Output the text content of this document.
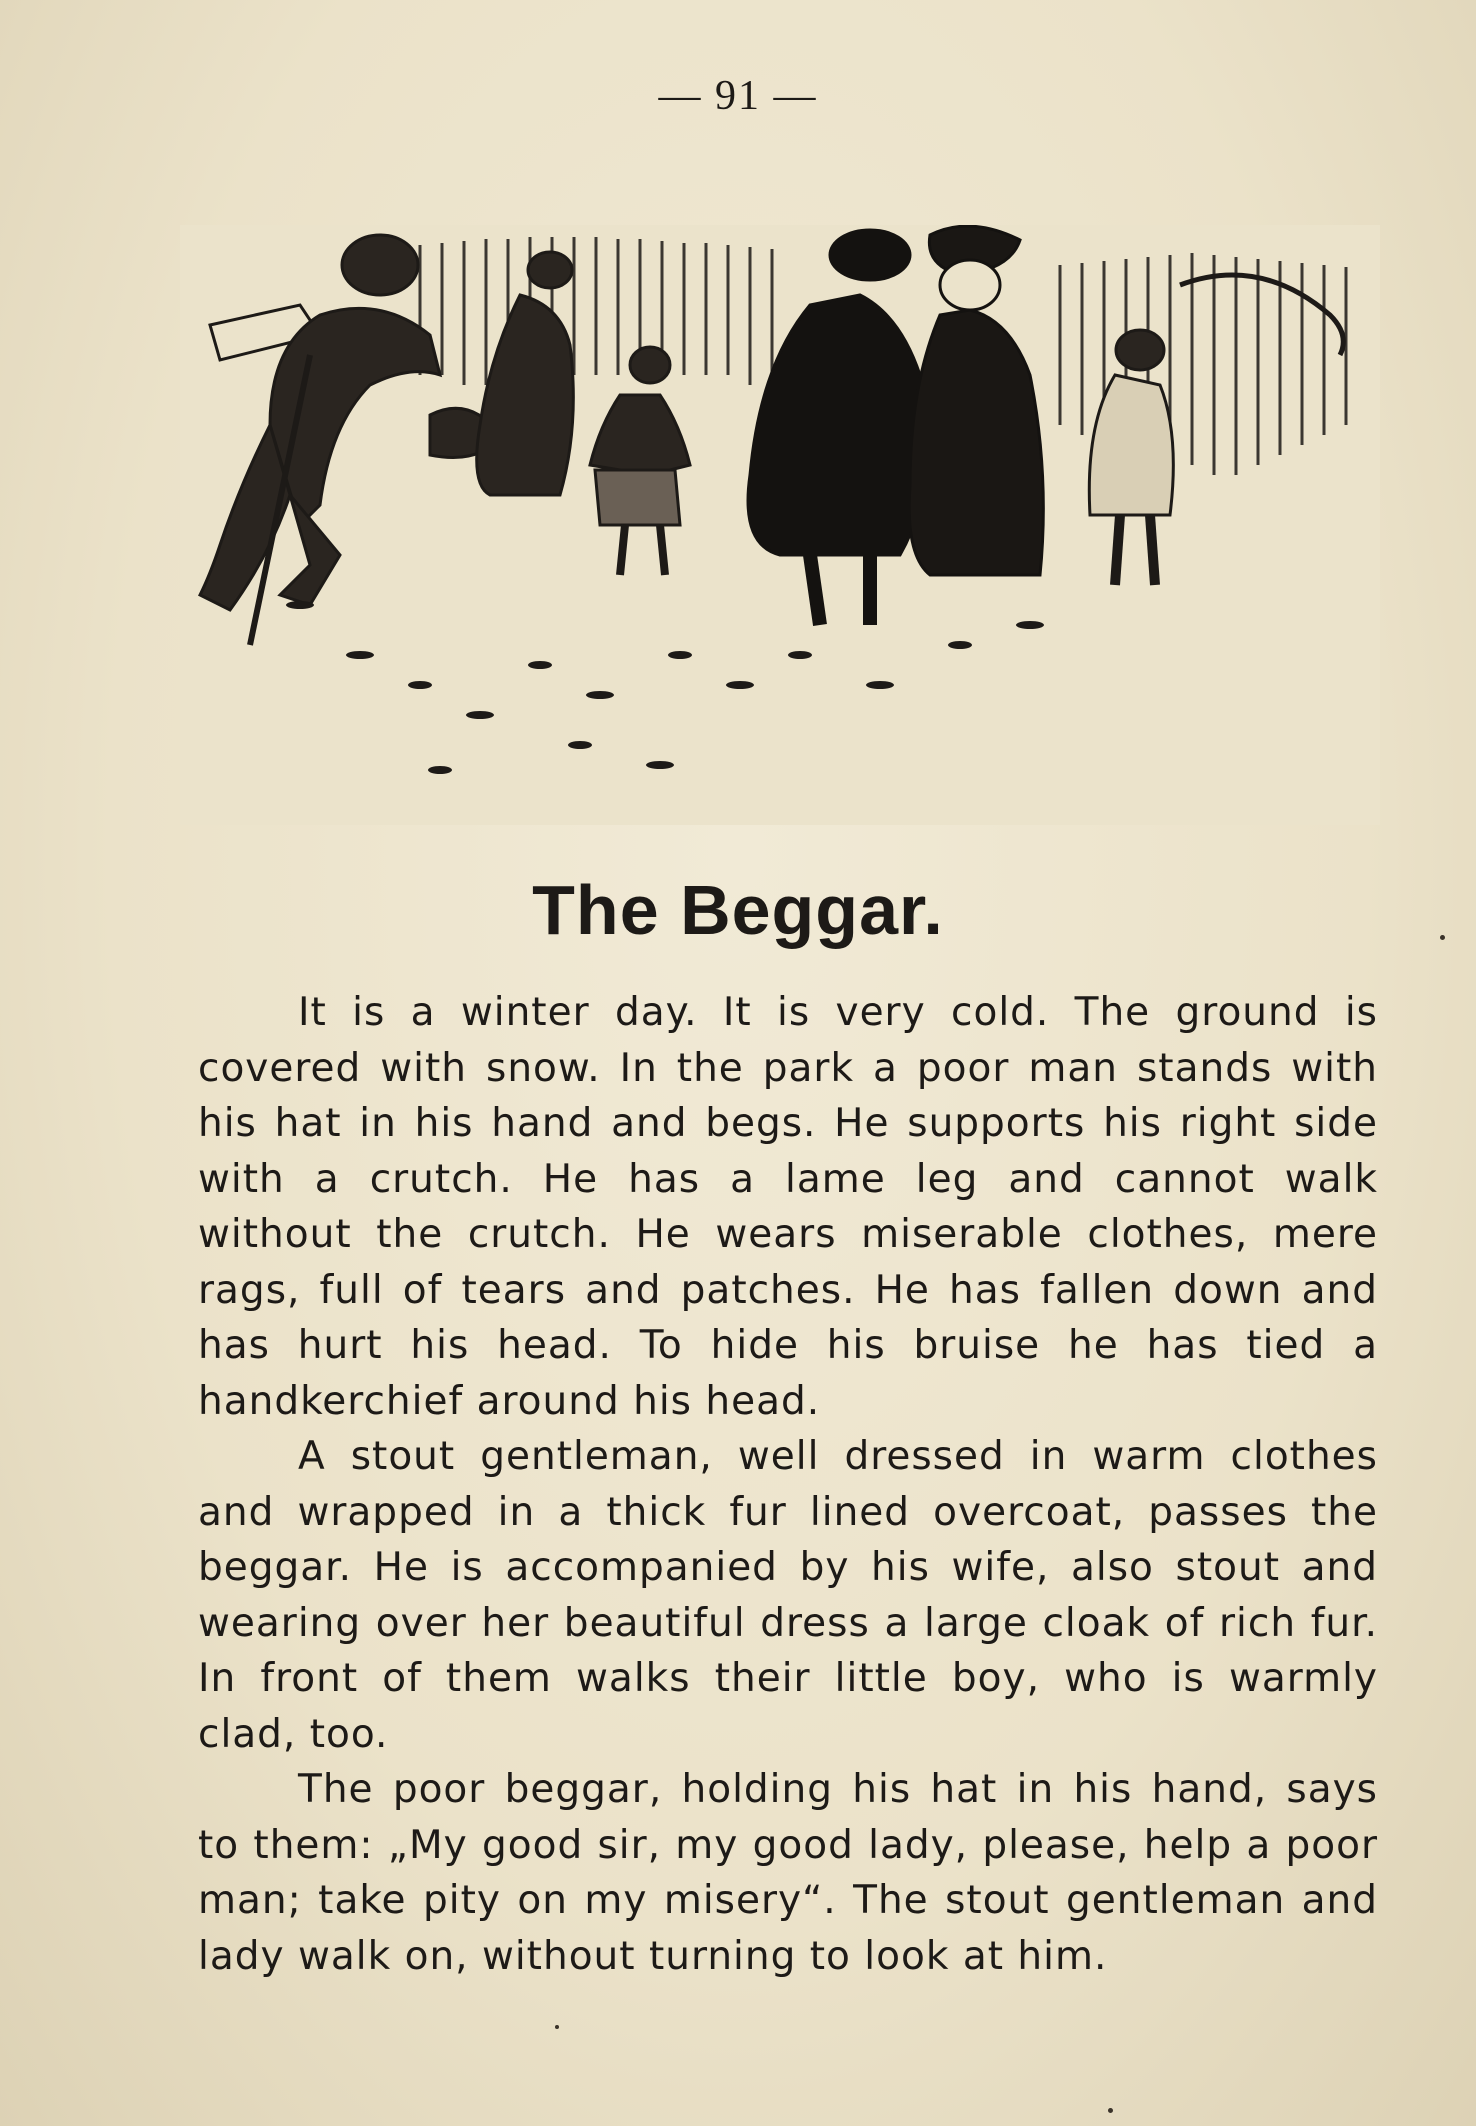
— 91 —
The Beggar.

It is a winter day. It is very cold. The ground is covered with snow. In the park a poor man stands with his hat in his hand and begs. He supports his right side with a crutch. He has a lame leg and cannot walk without the crutch. He wears miserable clothes, mere rags, full of tears and patches. He has fallen down and has hurt his head. To hide his bruise he has tied a handkerchief around his head.

A stout gentleman, well dressed in warm clothes and wrapped in a thick fur lined overcoat, passes the beggar. He is accompanied by his wife, also stout and wearing over her beautiful dress a large cloak of rich fur. In front of them walks their little boy, who is warmly clad, too.

The poor beggar, holding his hat in his hand, says to them: „My good sir, my good lady, please, help a poor man; take pity on my misery“. The stout gentleman and lady walk on, without turning to look at him.
